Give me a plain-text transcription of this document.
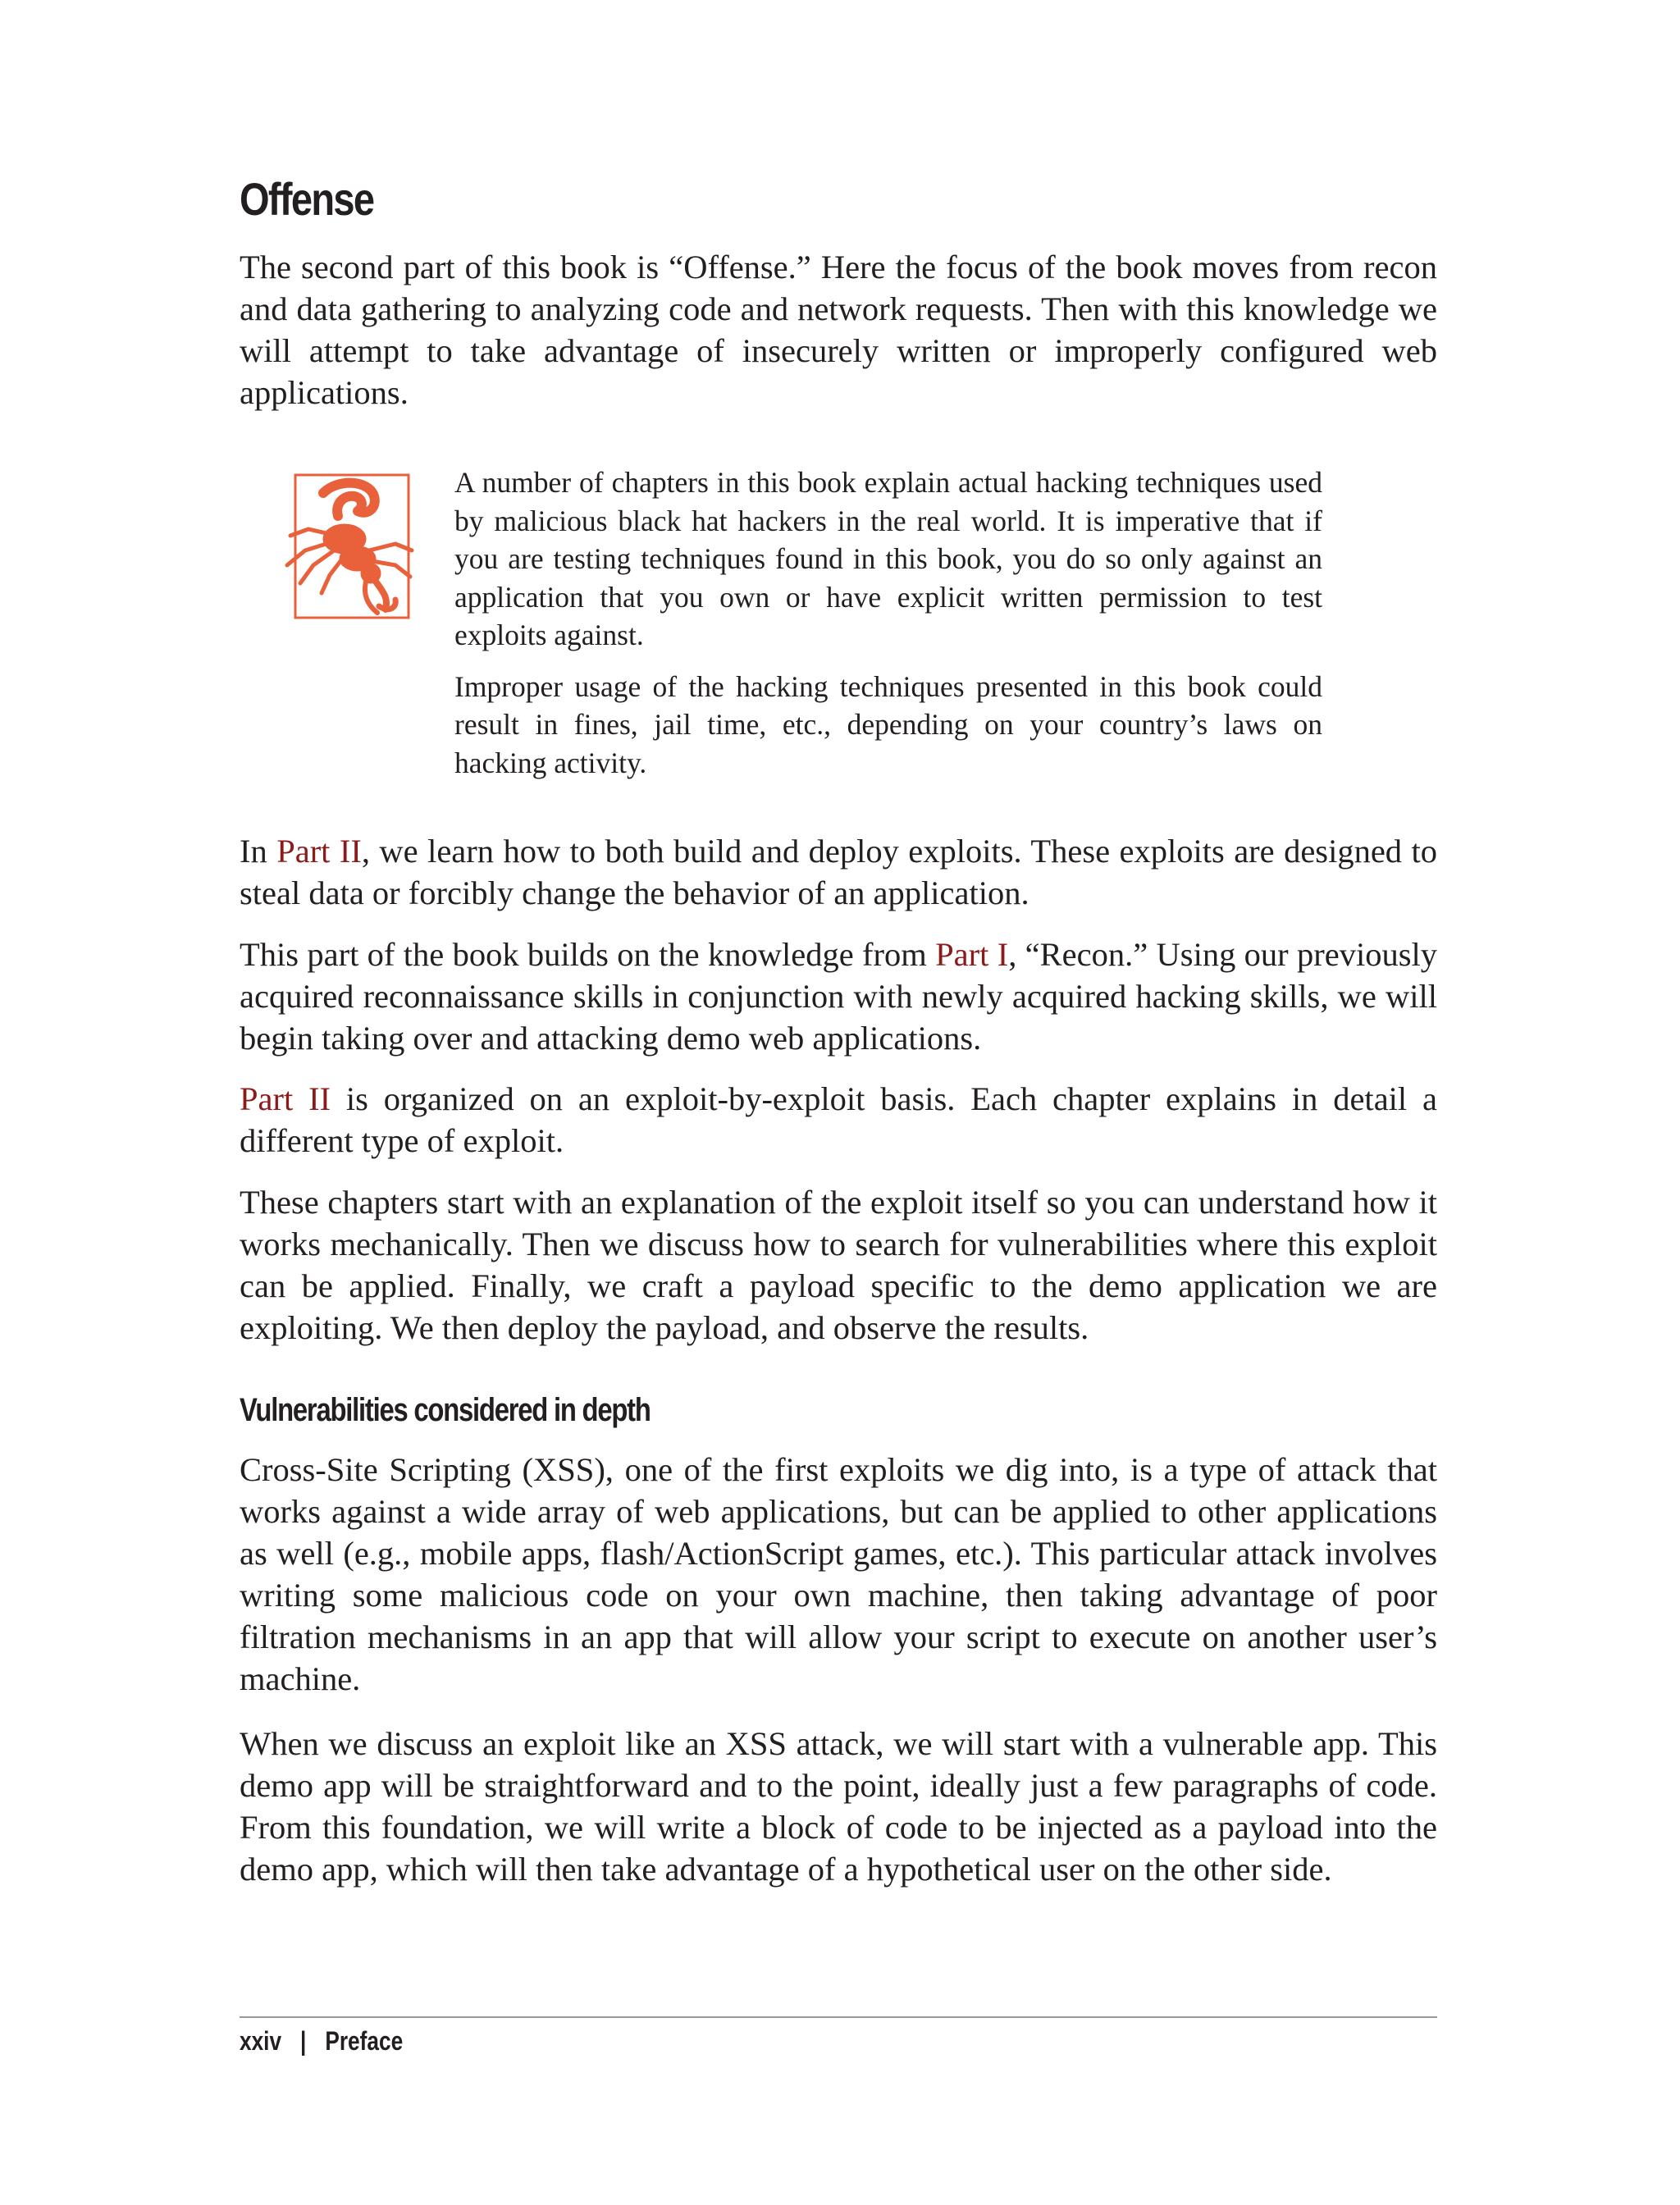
Offense

The second part of this book is “Offense.” Here the focus of the book moves from recon and data gathering to analyzing code and network requests. Then with this knowledge we will attempt to take advantage of insecurely written or improperly configured web applications.

A number of chapters in this book explain actual hacking techniques used by malicious black hat hackers in the real world. It is imperative that if you are testing techniques found in this book, you do so only against an application that you own or have explicit written permission to test exploits against.

Improper usage of the hacking techniques presented in this book could result in fines, jail time, etc., depending on your country’s laws on hacking activity.

In Part II, we learn how to both build and deploy exploits. These exploits are designed to steal data or forcibly change the behavior of an application.

This part of the book builds on the knowledge from Part I, “Recon.” Using our previously acquired reconnaissance skills in conjunction with newly acquired hacking skills, we will begin taking over and attacking demo web applications.

Part II is organized on an exploit-by-exploit basis. Each chapter explains in detail a different type of exploit.

These chapters start with an explanation of the exploit itself so you can understand how it works mechanically. Then we discuss how to search for vulnerabilities where this exploit can be applied. Finally, we craft a payload specific to the demo application we are exploiting. We then deploy the payload, and observe the results.

Vulnerabilities considered in depth

Cross-Site Scripting (XSS), one of the first exploits we dig into, is a type of attack that works against a wide array of web applications, but can be applied to other applications as well (e.g., mobile apps, flash/ActionScript games, etc.). This particular attack involves writing some malicious code on your own machine, then taking advantage of poor filtration mechanisms in an app that will allow your script to execute on another user’s machine.

When we discuss an exploit like an XSS attack, we will start with a vulnerable app. This demo app will be straightforward and to the point, ideally just a few paragraphs of code. From this foundation, we will write a block of code to be injected as a payload into the demo app, which will then take advantage of a hypothetical user on the other side.

xxiv | Preface
